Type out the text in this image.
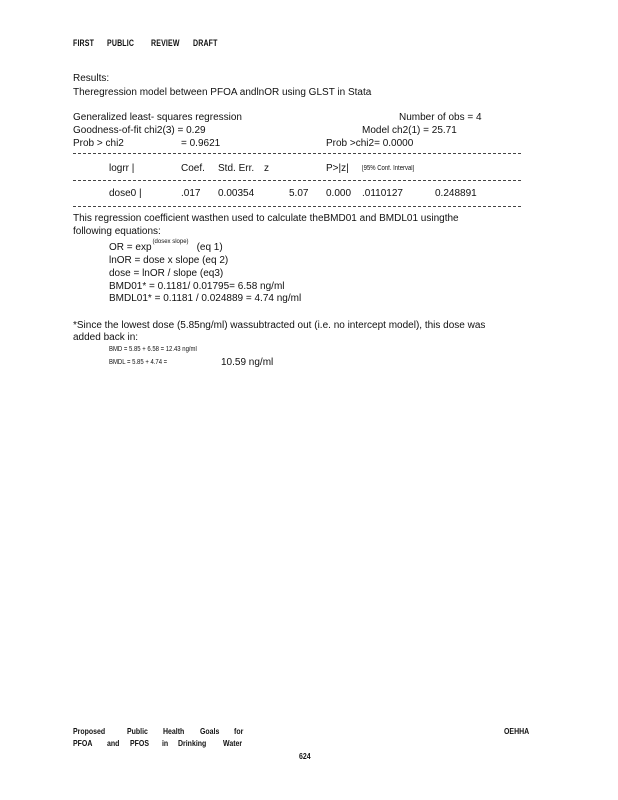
FIRST PUBLIC REVIEW DRAFT
Results:
Theregression model between PFOA andlnOR using GLST in Stata
Generalized least- squares regression	Number of obs = 4
Goodness-of-fit chi2(3) = 0.29	Model ch2(1) = 25.71
Prob > chi2	= 0.9621	Prob >chi2= 0.0000
logrr |	Coef. Std. Err. z	P>|z| [95% Conf. Interval]
dose0 |	.017 0.00354	5.07 0.000 .0110127	0.248891
This regression coefficient wasthen used to calculate theBMD01 and BMDL01 usingthe
following equations:
OR = $\exp^{(dosex slope)} (eq$ 1)
lnOR = dose x slope (eq 2)
dose = lnOR / slope (eq3)
BMD01* = 0.1181/ 0.01795= 6.58 ng/ml
BMDL01* = 0.1181 / 0.024889 = 4.74 ng/ml
*Since the lowest dose (5.85ng/ml) wassubtracted out (i.e. no intercept model), this dose was
added back in:
BMD = 5.85 + 6.58 = 12.43 ng/ml
BMDL = 5.85 + 4.74 =	10.59 ng/ml
Proposed	Public Health Goals for
PFOA and PFOS in Drinking Water
OEHHA
624
